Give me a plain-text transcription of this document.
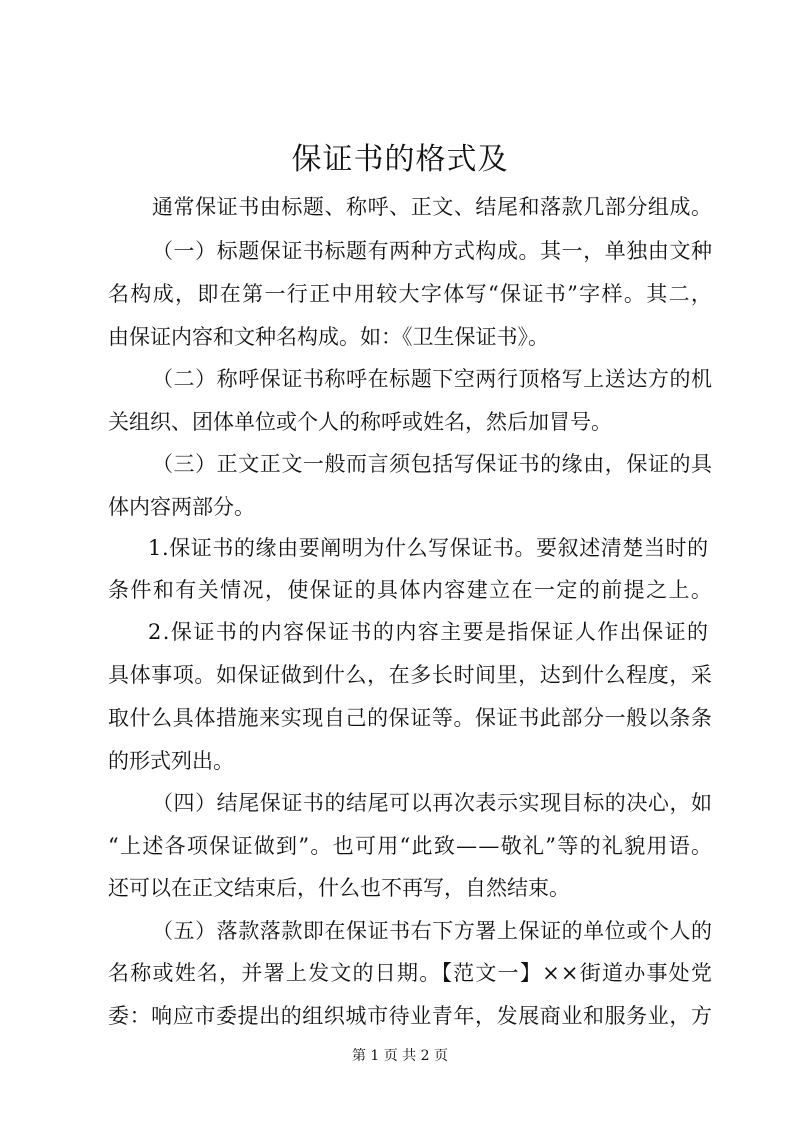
保证书的格式及
通常保证书由标题、称呼、正文、结尾和落款几部分组成。
（一）标题保证书标题有两种方式构成。其一，单独由文种
名构成，即在第一行正中用较大字体写“保证书”字样。其二，
由保证内容和文种名构成。如：《卫生保证书》。
（二）称呼保证书称呼在标题下空两行顶格写上送达方的机
关组织、团体单位或个人的称呼或姓名，然后加冒号。
（三）正文正文一般而言须包括写保证书的缘由，保证的具
体内容两部分。
1.保证书的缘由要阐明为什么写保证书。要叙述清楚当时的
条件和有关情况，使保证的具体内容建立在一定的前提之上。
2.保证书的内容保证书的内容主要是指保证人作出保证的
具体事项。如保证做到什么，在多长时间里，达到什么程度，采
取什么具体措施来实现自己的保证等。保证书此部分一般以条条
的形式列出。
（四）结尾保证书的结尾可以再次表示实现目标的决心，如
“上述各项保证做到”。也可用“此致——敬礼”等的礼貌用语。
还可以在正文结束后，什么也不再写，自然结束。
（五）落款落款即在保证书右下方署上保证的单位或个人的
名称或姓名，并署上发文的日期。【范文一】××街道办事处党
委：响应市委提出的组织城市待业青年，发展商业和服务业，方
第 1 页 共 2 页
